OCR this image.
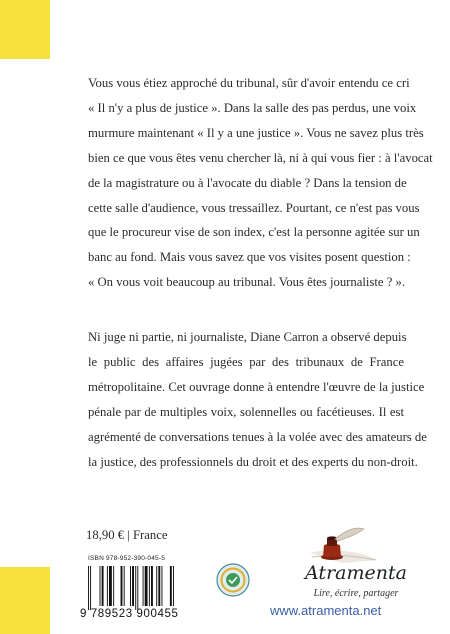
Vous vous étiez approché du tribunal, sûr d'avoir entendu ce cri
« Il n'y a plus de justice ». Dans la salle des pas perdus, une voix
murmure maintenant « Il y a une justice ». Vous ne savez plus très
bien ce que vous êtes venu chercher là, ni à qui vous fier : à l'avocat
de la magistrature ou à l'avocate du diable ? Dans la tension de
cette salle d'audience, vous tressaillez. Pourtant, ce n'est pas vous
que le procureur vise de son index, c'est la personne agitée sur un
banc au fond. Mais vous savez que vos visites posent question :
« On vous voit beaucoup au tribunal. Vous êtes journaliste ? ».
Ni juge ni partie, ni journaliste, Diane Carron a observé depuis
le public des affaires jugées par des tribunaux de France
métropolitaine. Cet ouvrage donne à entendre l'œuvre de la justice
pénale par de multiples voix, solennelles ou facétieuses. Il est
agrémenté de conversations tenues à la volée avec des amateurs de
la justice, des professionnels du droit et des experts du non-droit.
18,90 € | France
ISBN 978-952-390-045-5
9 789523 900455
Atramenta
Lire, écrire, partager
www.atramenta.net
